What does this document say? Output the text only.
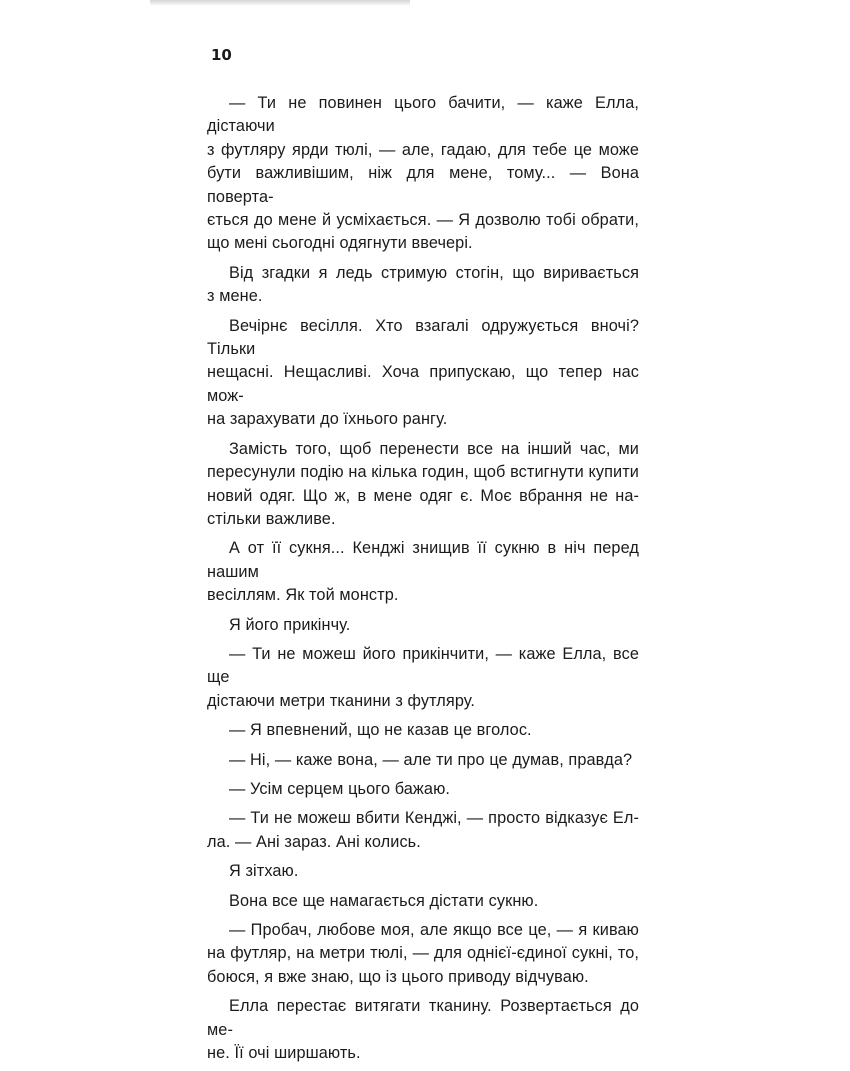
10

— Ти не повинен цього бачити, — каже Елла, дістаючи
з футляру ярди тюлі, — але, гадаю, для тебе це може
бути важливішим, ніж для мене, тому... — Вона поверта-
ється до мене й усміхається. — Я дозволю тобі обрати,
що мені сьогодні одягнути ввечері.

Від згадки я ледь стримую стогін, що виривається
з мене.

Вечірнє весілля. Хто взагалі одружується вночі? Тільки
нещасні. Нещасливі. Хоча припускаю, що тепер нас мож-
на зарахувати до їхнього рангу.

Замість того, щоб перенести все на інший час, ми
пересунули подію на кілька годин, щоб встигнути купити
новий одяг. Що ж, в мене одяг є. Моє вбрання не на-
стільки важливе.

А от її сукня... Кенджі знищив її сукню в ніч перед нашим
весіллям. Як той монстр.

Я його прикінчу.

— Ти не можеш його прикінчити, — каже Елла, все ще
дістаючи метри тканини з футляру.

— Я впевнений, що не казав це вголос.

— Ні, — каже вона, — але ти про це думав, правда?

— Усім серцем цього бажаю.

— Ти не можеш вбити Кенджі, — просто відказує Ел-
ла. — Ані зараз. Ані колись.

Я зітхаю.

Вона все ще намагається дістати сукню.

— Пробач, любове моя, але якщо все це, — я киваю
на футляр, на метри тюлі, — для однієї-єдиної сукні, то,
боюся, я вже знаю, що із цього приводу відчуваю.

Елла перестає витягати тканину. Розвертається до ме-
не. Її очі ширшають.
